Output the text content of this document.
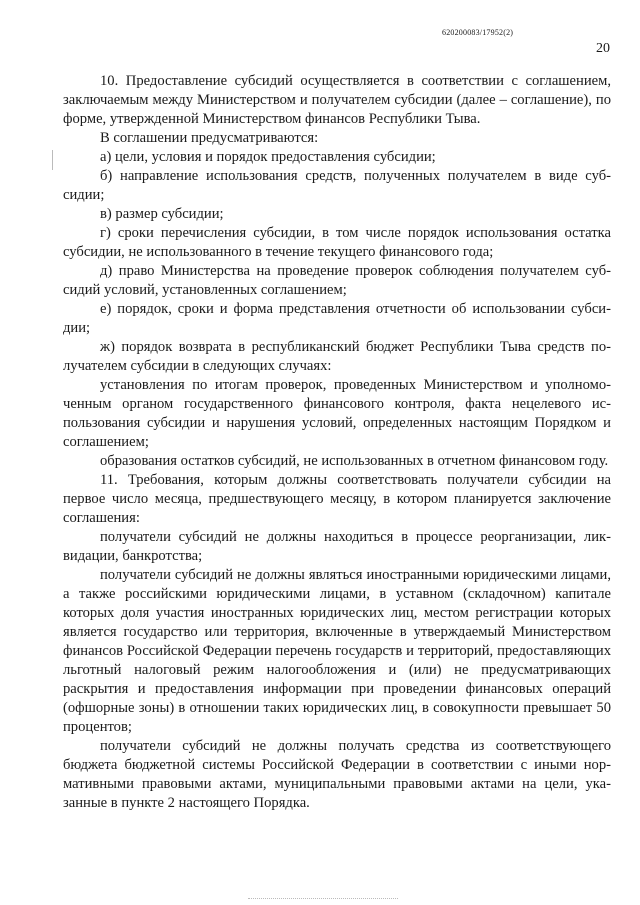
620200083/17952(2)
20

10. Предоставление субсидий осуществляется в соответствии с соглашением, заключаемым между Министерством и получателем субсидии (далее – соглашение), по форме, утвержденной Министерством финансов Республики Тыва.

В соглашении предусматриваются:

а) цели, условия и порядок предоставления субсидии;

б) направление использования средств, полученных получателем в виде субсидии;

в) размер субсидии;

г) сроки перечисления субсидии, в том числе порядок использования остатка субсидии, не использованного в течение текущего финансового года;

д) право Министерства на проведение проверок соблюдения получателем субсидий условий, установленных соглашением;

е) порядок, сроки и форма представления отчетности об использовании субсидии;

ж) порядок возврата в республиканский бюджет Республики Тыва средств получателем субсидии в следующих случаях:

установления по итогам проверок, проведенных Министерством и уполномоченным органом государственного финансового контроля, факта нецелевого использования субсидии и нарушения условий, определенных настоящим Порядком и соглашением;

образования остатков субсидий, не использованных в отчетном финансовом году.

11. Требования, которым должны соответствовать получатели субсидии на первое число месяца, предшествующего месяцу, в котором планируется заключение соглашения:

получатели субсидий не должны находиться в процессе реорганизации, ликвидации, банкротства;

получатели субсидий не должны являться иностранными юридическими лицами, а также российскими юридическими лицами, в уставном (складочном) капитале которых доля участия иностранных юридических лиц, местом регистрации которых является государство или территория, включенные в утверждаемый Министерством финансов Российской Федерации перечень государств и территорий, предоставляющих льготный налоговый режим налогообложения и (или) не предусматривающих раскрытия и предоставления информации при проведении финансовых операций (офшорные зоны) в отношении таких юридических лиц, в совокупности превышает 50 процентов;

получатели субсидий не должны получать средства из соответствующего бюджета бюджетной системы Российской Федерации в соответствии с иными нормативными правовыми актами, муниципальными правовыми актами на цели, указанные в пункте 2 настоящего Порядка.
